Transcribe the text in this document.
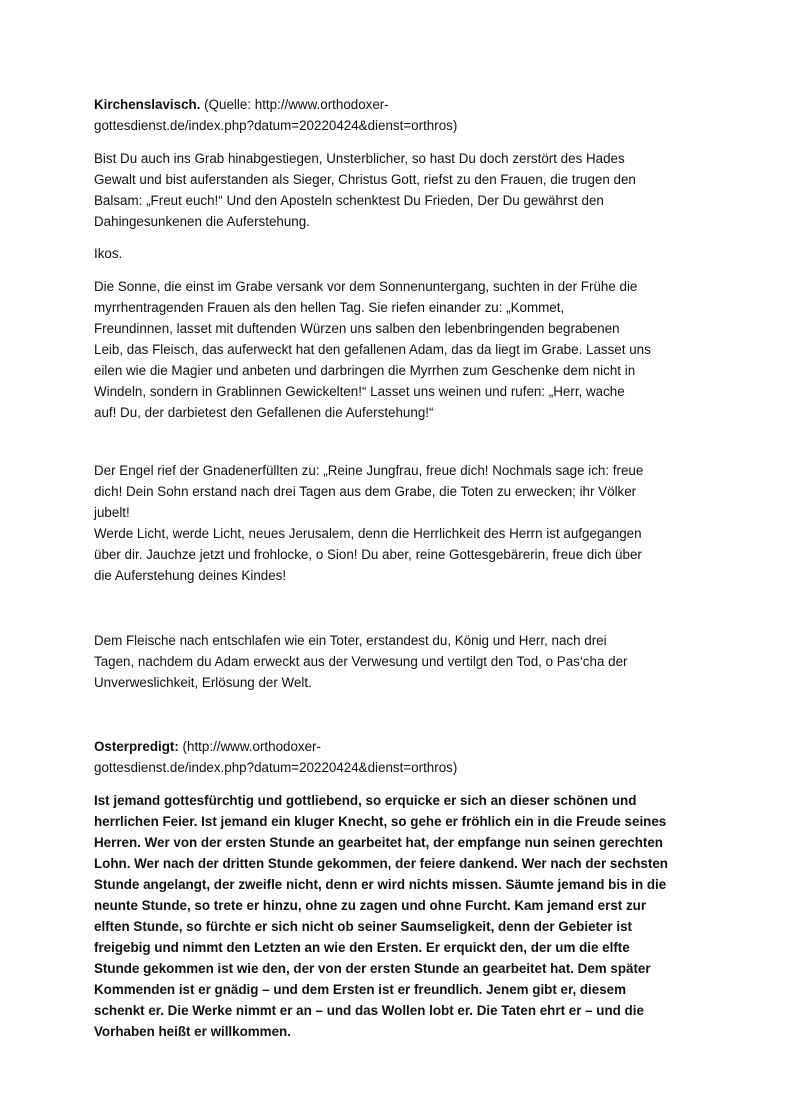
Kirchenslavisch. (Quelle: http://www.orthodoxer-
gottesdienst.de/index.php?datum=20220424&dienst=orthros)
Bist Du auch ins Grab hinabgestiegen, Unsterblicher, so hast Du doch zerstört des Hades
Gewalt und bist auferstanden als Sieger, Christus Gott, riefst zu den Frauen, die trugen den
Balsam: „Freut euch!“ Und den Aposteln schenktest Du Frieden, Der Du gewährst den
Dahingesunkenen die Auferstehung.
Ikos.
Die Sonne, die einst im Grabe versank vor dem Sonnenuntergang, suchten in der Frühe die
myrrhentragenden Frauen als den hellen Tag. Sie riefen einander zu: „Kommet,
Freundinnen, lasset mit duftenden Würzen uns salben den lebenbringenden begrabenen
Leib, das Fleisch, das auferweckt hat den gefallenen Adam, das da liegt im Grabe. Lasset uns
eilen wie die Magier und anbeten und darbringen die Myrrhen zum Geschenke dem nicht in
Windeln, sondern in Grablinnen Gewickelten!“ Lasset uns weinen und rufen: „Herr, wache
auf! Du, der darbietest den Gefallenen die Auferstehung!“
Der Engel rief der Gnadenerfüllten zu: „Reine Jungfrau, freue dich! Nochmals sage ich: freue
dich! Dein Sohn erstand nach drei Tagen aus dem Grabe, die Toten zu erwecken; ihr Völker
jubelt!
Werde Licht, werde Licht, neues Jerusalem, denn die Herrlichkeit des Herrn ist aufgegangen
über dir. Jauchze jetzt und frohlocke, o Sion! Du aber, reine Gottesgebärerin, freue dich über
die Auferstehung deines Kindes!
Dem Fleische nach entschlafen wie ein Toter, erstandest du, König und Herr, nach drei
Tagen, nachdem du Adam erweckt aus der Verwesung und vertilgt den Tod, o Pas‘cha der
Unverweslichkeit, Erlösung der Welt.
Osterpredigt: (http://www.orthodoxer-
gottesdienst.de/index.php?datum=20220424&dienst=orthros)
Ist jemand gottesfürchtig und gottliebend, so erquicke er sich an dieser schönen und
herrlichen Feier. Ist jemand ein kluger Knecht, so gehe er fröhlich ein in die Freude seines
Herren. Wer von der ersten Stunde an gearbeitet hat, der empfange nun seinen gerechten
Lohn. Wer nach der dritten Stunde gekommen, der feiere dankend. Wer nach der sechsten
Stunde angelangt, der zweifle nicht, denn er wird nichts missen. Säumte jemand bis in die
neunte Stunde, so trete er hinzu, ohne zu zagen und ohne Furcht. Kam jemand erst zur
elften Stunde, so fürchte er sich nicht ob seiner Saumseligkeit, denn der Gebieter ist
freigebig und nimmt den Letzten an wie den Ersten. Er erquickt den, der um die elfte
Stunde gekommen ist wie den, der von der ersten Stunde an gearbeitet hat. Dem später
Kommenden ist er gnädig – und dem Ersten ist er freundlich. Jenem gibt er, diesem
schenkt er. Die Werke nimmt er an – und das Wollen lobt er. Die Taten ehrt er – und die
Vorhaben heißt er willkommen.
